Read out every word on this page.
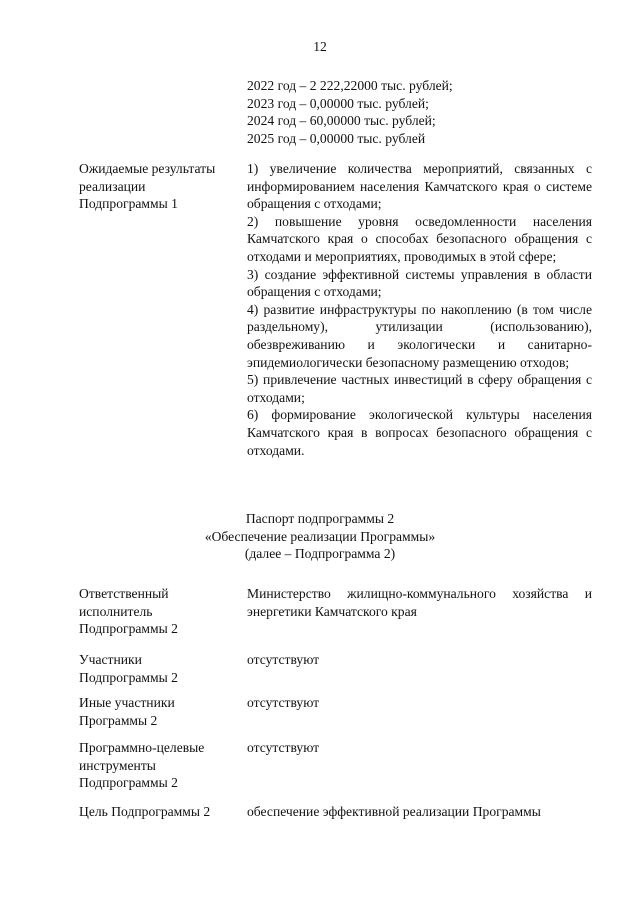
12
2022 год – 2 222,22000 тыс. рублей;
2023 год – 0,00000 тыс. рублей;
2024 год – 60,00000 тыс. рублей;
2025 год – 0,00000 тыс. рублей
Ожидаемые результаты
реализации
Подпрограммы 1
1) увеличение количества мероприятий, связанных с информированием населения Камчатского края о системе обращения с отходами;
2) повышение уровня осведомленности населения Камчатского края о способах безопасного обращения с отходами и мероприятиях, проводимых в этой сфере;
3) создание эффективной системы управления в области обращения с отходами;
4) развитие инфраструктуры по накоплению (в том числе раздельному), утилизации (использованию), обезвреживанию и экологически и санитарно-эпидемиологически безопасному размещению отходов;
5) привлечение частных инвестиций в сферу обращения с отходами;
6) формирование экологической культуры населения Камчатского края в вопросах безопасного обращения с отходами.
Паспорт подпрограммы 2
«Обеспечение реализации Программы»
(далее – Подпрограмма 2)
Ответственный
исполнитель
Подпрограммы 2
Министерство жилищно-коммунального хозяйства и энергетики Камчатского края
Участники
Подпрограммы 2
отсутствуют
Иные участники
Программы 2
отсутствуют
Программно-целевые
инструменты
Подпрограммы 2
отсутствуют
Цель Подпрограммы 2	обеспечение эффективной реализации Программы
